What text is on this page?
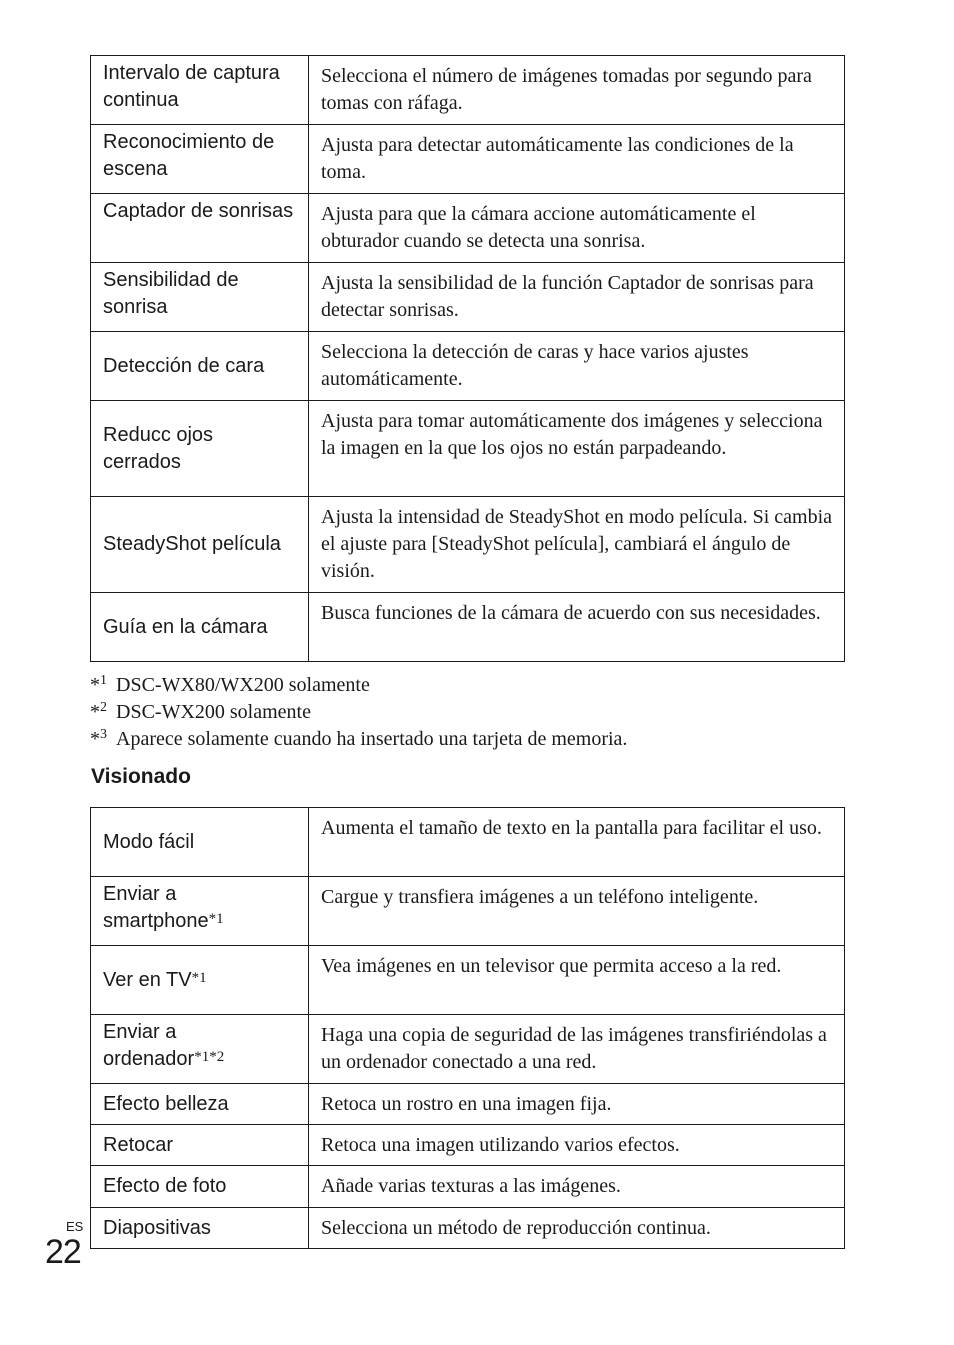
Intervalo de captura continua	Selecciona el número de imágenes tomadas por segundo para tomas con ráfaga.
Reconocimiento de escena	Ajusta para detectar automáticamente las condiciones de la toma.
Captador de sonrisas	Ajusta para que la cámara accione automáticamente el obturador cuando se detecta una sonrisa.
Sensibilidad de sonrisa	Ajusta la sensibilidad de la función Captador de sonrisas para detectar sonrisas.
Detección de cara	Selecciona la detección de caras y hace varios ajustes automáticamente.
Reducc ojos cerrados	Ajusta para tomar automáticamente dos imágenes y selecciona la imagen en la que los ojos no están parpadeando.
SteadyShot película	Ajusta la intensidad de SteadyShot en modo película. Si cambia el ajuste para [SteadyShot película], cambiará el ángulo de visión.
Guía en la cámara	Busca funciones de la cámara de acuerdo con sus necesidades.
*$^1$ DSC-WX80/WX200 solamente
*$^2$ DSC-WX200 solamente
*$^3$ Aparece solamente cuando ha insertado una tarjeta de memoria.
Visionado
Modo fácil	Aumenta el tamaño de texto en la pantalla para facilitar el uso.
Enviar a smartphone$^{*1}$	Cargue y transfiera imágenes a un teléfono inteligente.
Ver en TV$^{*1}$	Vea imágenes en un televisor que permita acceso a la red.
Enviar a ordenador$^{*1*2}$	Haga una copia de seguridad de las imágenes transfiriéndolas a un ordenador conectado a una red.
Efecto belleza	Retoca un rostro en una imagen fija.
Retocar	Retoca una imagen utilizando varios efectos.
Efecto de foto	Añade varias texturas a las imágenes.
Diapositivas	Selecciona un método de reproducción continua.
ES
22
